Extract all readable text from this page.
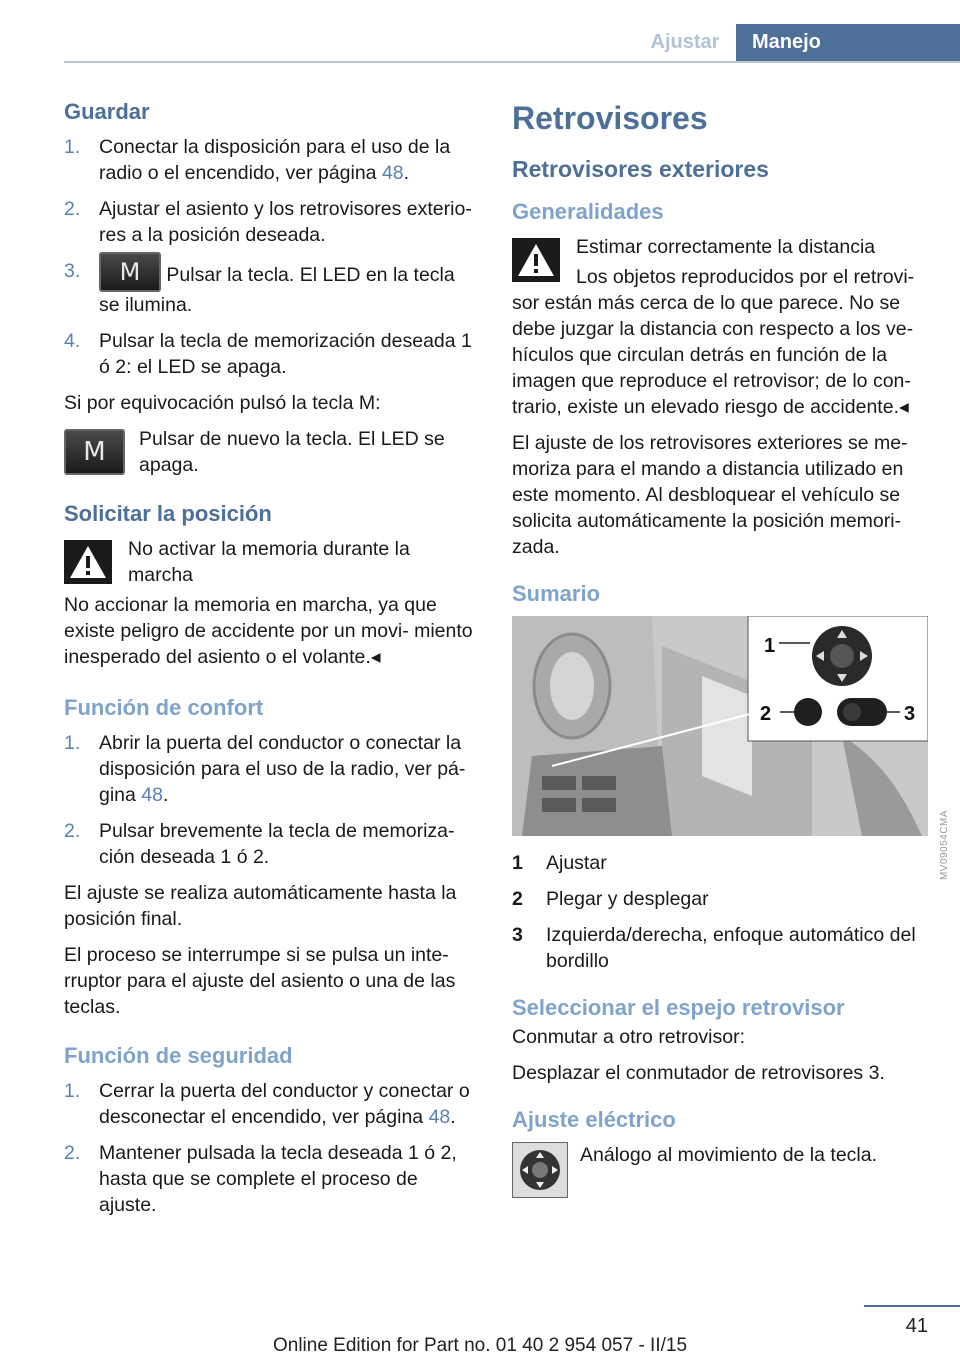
Ajustar	Manejo
Guardar
1. Conectar la disposición para el uso de la radio o el encendido, ver página 48.
2. Ajustar el asiento y los retrovisores exterio‐ res a la posición deseada.
3. M Pulsar la tecla. El LED en la tecla se ilumina.
4. Pulsar la tecla de memorización deseada 1 ó 2: el LED se apaga.

Si por equivocación pulsó la tecla M:

M	Pulsar de nuevo la tecla. El LED se apaga.
Solicitar la posición
No activar la memoria durante la marcha
No accionar la memoria en marcha, ya que existe peligro de accidente por un movi‐ miento inesperado del asiento o el volante.◂
Función de confort
1. Abrir la puerta del conductor o conectar la disposición para el uso de la radio, ver pá‐ gina 48.
2. Pulsar brevemente la tecla de memoriza‐ ción deseada 1 ó 2.

El ajuste se realiza automáticamente hasta la posición final.

El proceso se interrumpe si se pulsa un inte‐ rruptor para el ajuste del asiento o una de las teclas.

Función de seguridad
1. Cerrar la puerta del conductor y conectar o desconectar el encendido, ver página 48.
2. Mantener pulsada la tecla deseada 1 ó 2, hasta que se complete el proceso de ajuste.
Retrovisores
Retrovisores exteriores
Generalidades
Estimar correctamente la distancia
Los objetos reproducidos por el retrovi‐ sor están más cerca de lo que parece. No se debe juzgar la distancia con respecto a los ve‐ hículos que circulan detrás en función de la imagen que reproduce el retrovisor; de lo con‐ trario, existe un elevado riesgo de accidente.◂

El ajuste de los retrovisores exteriores se me‐ moriza para el mando a distancia utilizado en este momento. Al desbloquear el vehículo se solicita automáticamente la posición memori‐ zada.

Sumario
1
2	3
1 Ajustar
2 Plegar y desplegar
3 Izquierda/derecha, enfoque automático del bordillo
Seleccionar el espejo retrovisor

Conmutar a otro retrovisor:

Desplazar el conmutador de retrovisores 3.

Ajuste eléctrico
Análogo al movimiento de la tecla.
MV09054CMA
41
Online Edition for Part no. 01 40 2 954 057 - II/15
